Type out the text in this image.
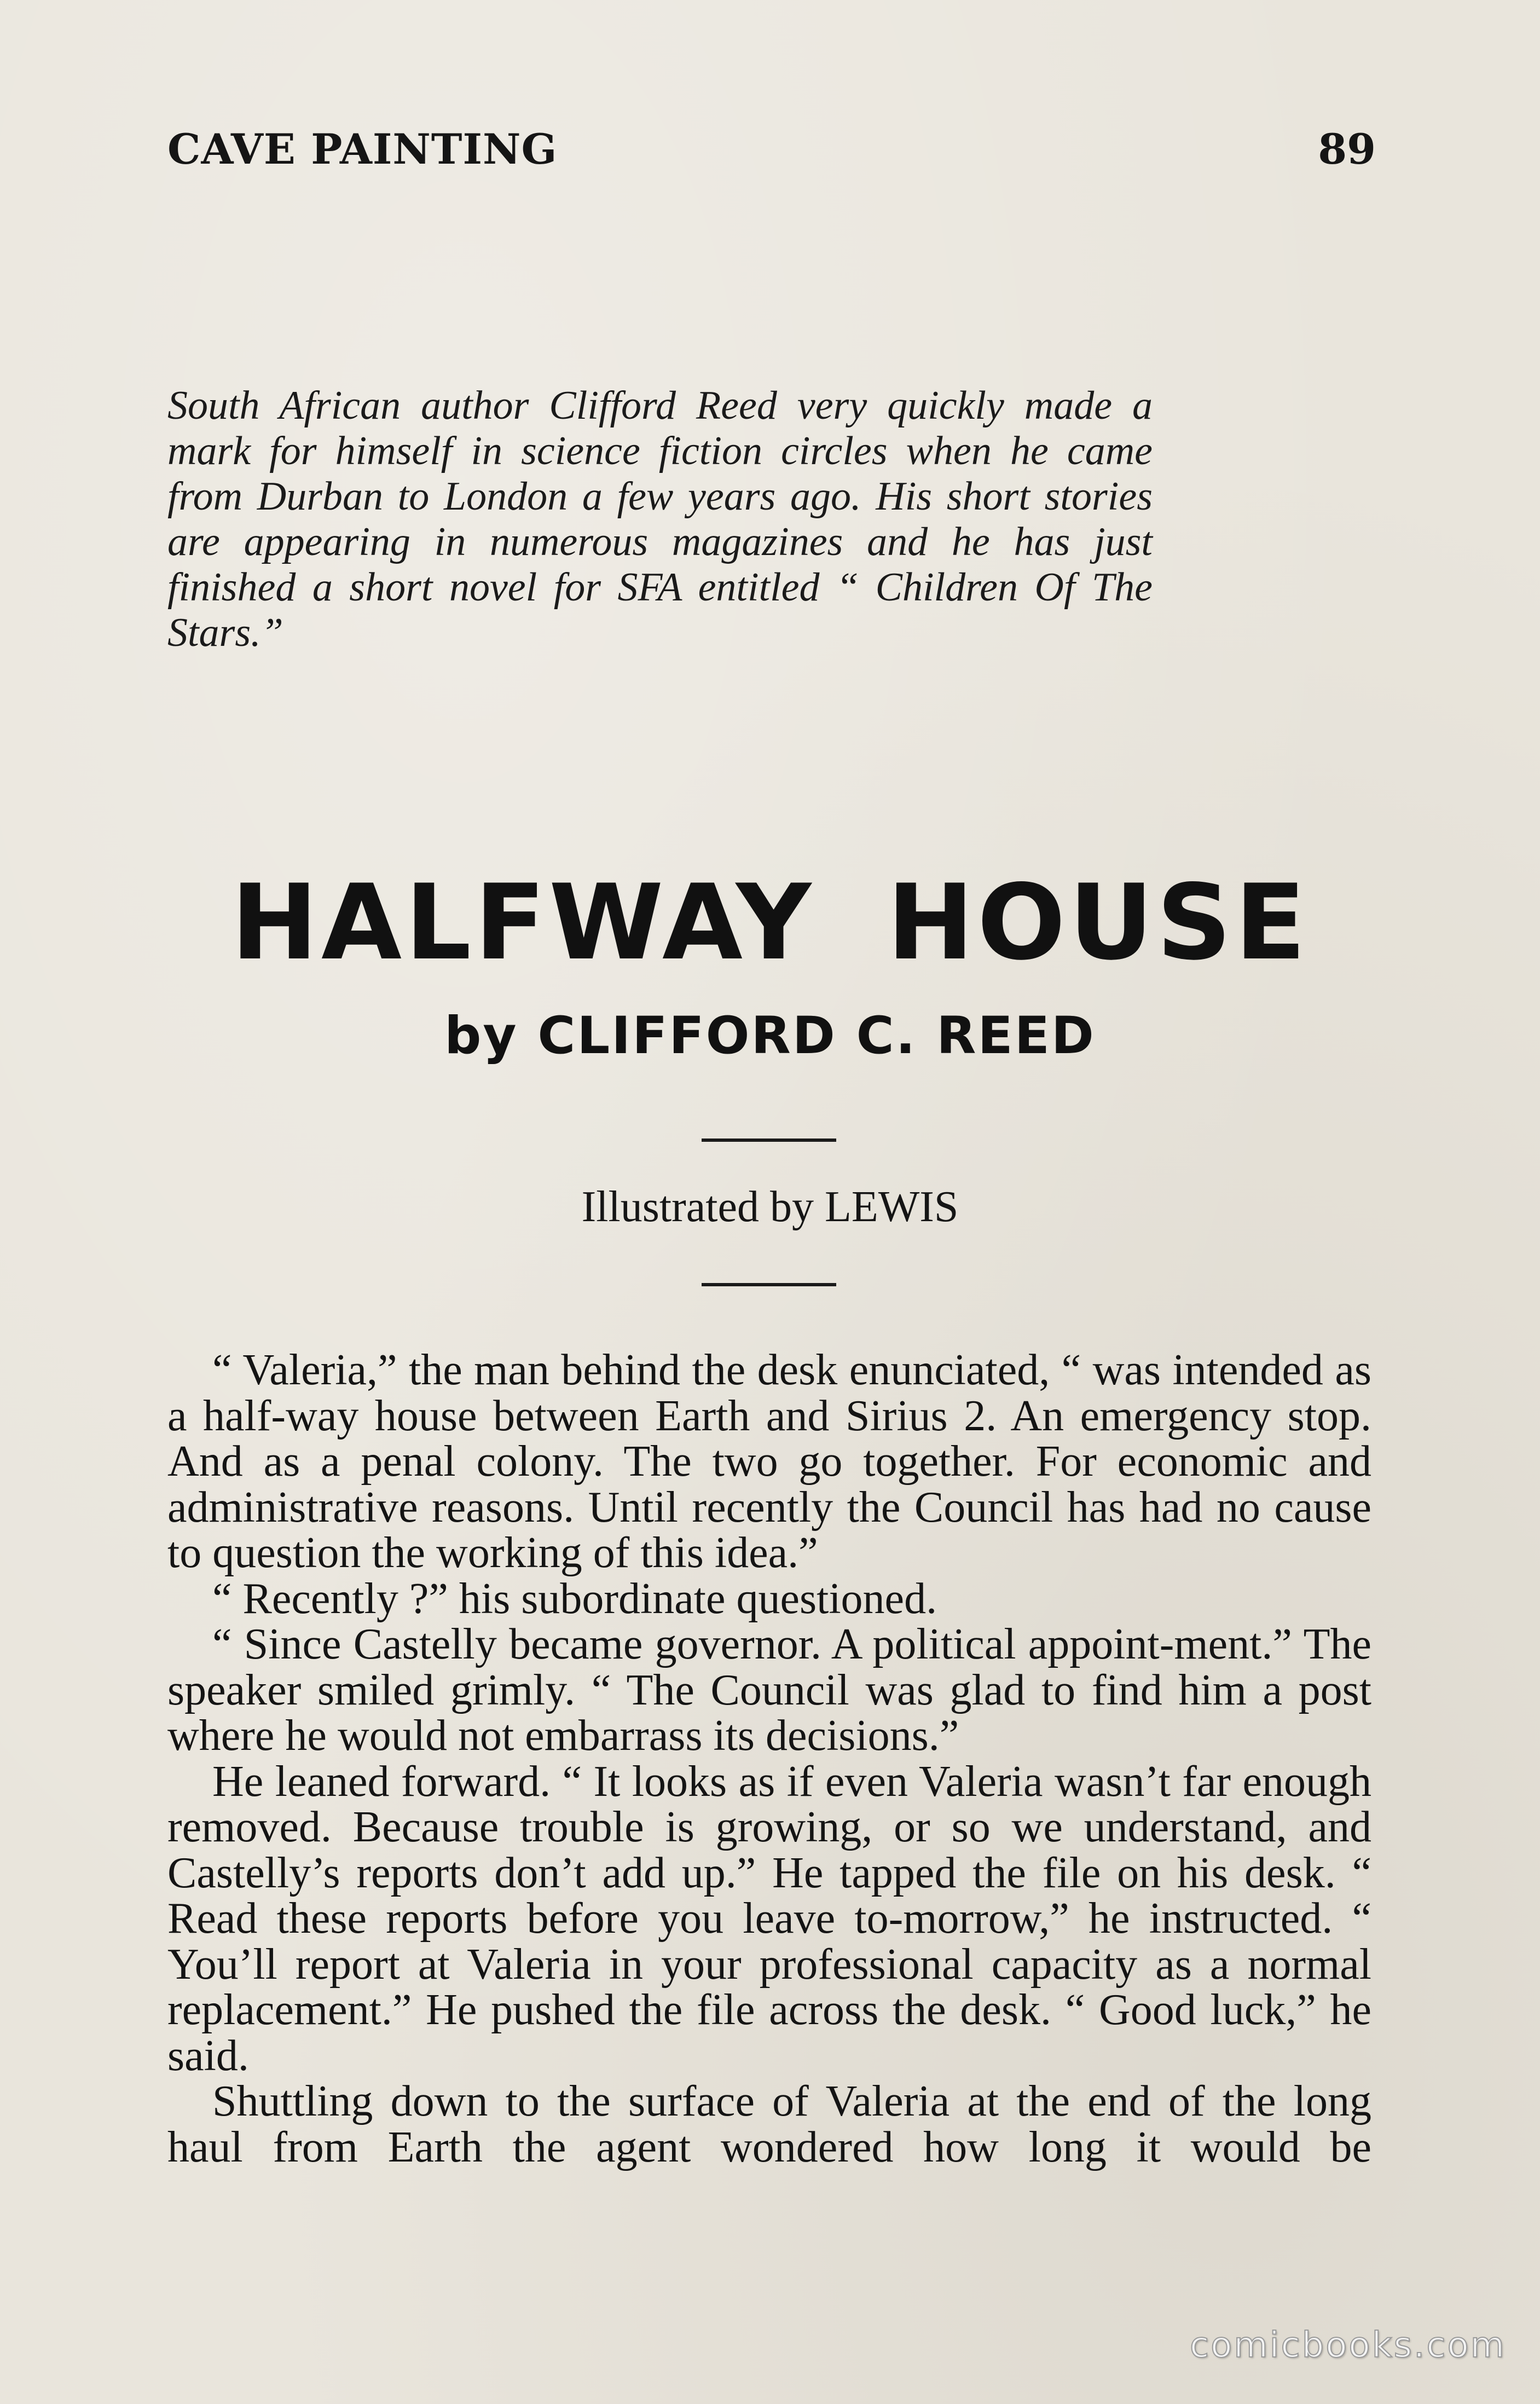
CAVE PAINTING	89
South African author Clifford Reed very quickly made a mark for himself in science fiction circles when he came from Durban to London a few years ago. His short stories are appearing in numerous magazines and he has just finished a short novel for SFA entitled “ Children Of The Stars.”
HALFWAY HOUSE
by CLIFFORD C. REED
Illustrated by LEWIS

“ Valeria,” the man behind the desk enunciated, “ was intended as a half-way house between Earth and Sirius 2. An emergency stop. And as a penal colony. The two go together. For economic and administrative reasons. Until recently the Council has had no cause to question the working of this idea.”

“ Recently ?” his subordinate questioned.

“ Since Castelly became governor. A political appoint-ment.” The speaker smiled grimly. “ The Council was glad to find him a post where he would not embarrass its decisions.”

He leaned forward. “ It looks as if even Valeria wasn’t far enough removed. Because trouble is growing, or so we understand, and Castelly’s reports don’t add up.” He tapped the file on his desk. “ Read these reports before you leave to-morrow,” he instructed. “ You’ll report at Valeria in your professional capacity as a normal replacement.” He pushed the file across the desk. “ Good luck,” he said.

Shuttling down to the surface of Valeria at the end of the long haul from Earth the agent wondered how long it would be

comicbooks.com
